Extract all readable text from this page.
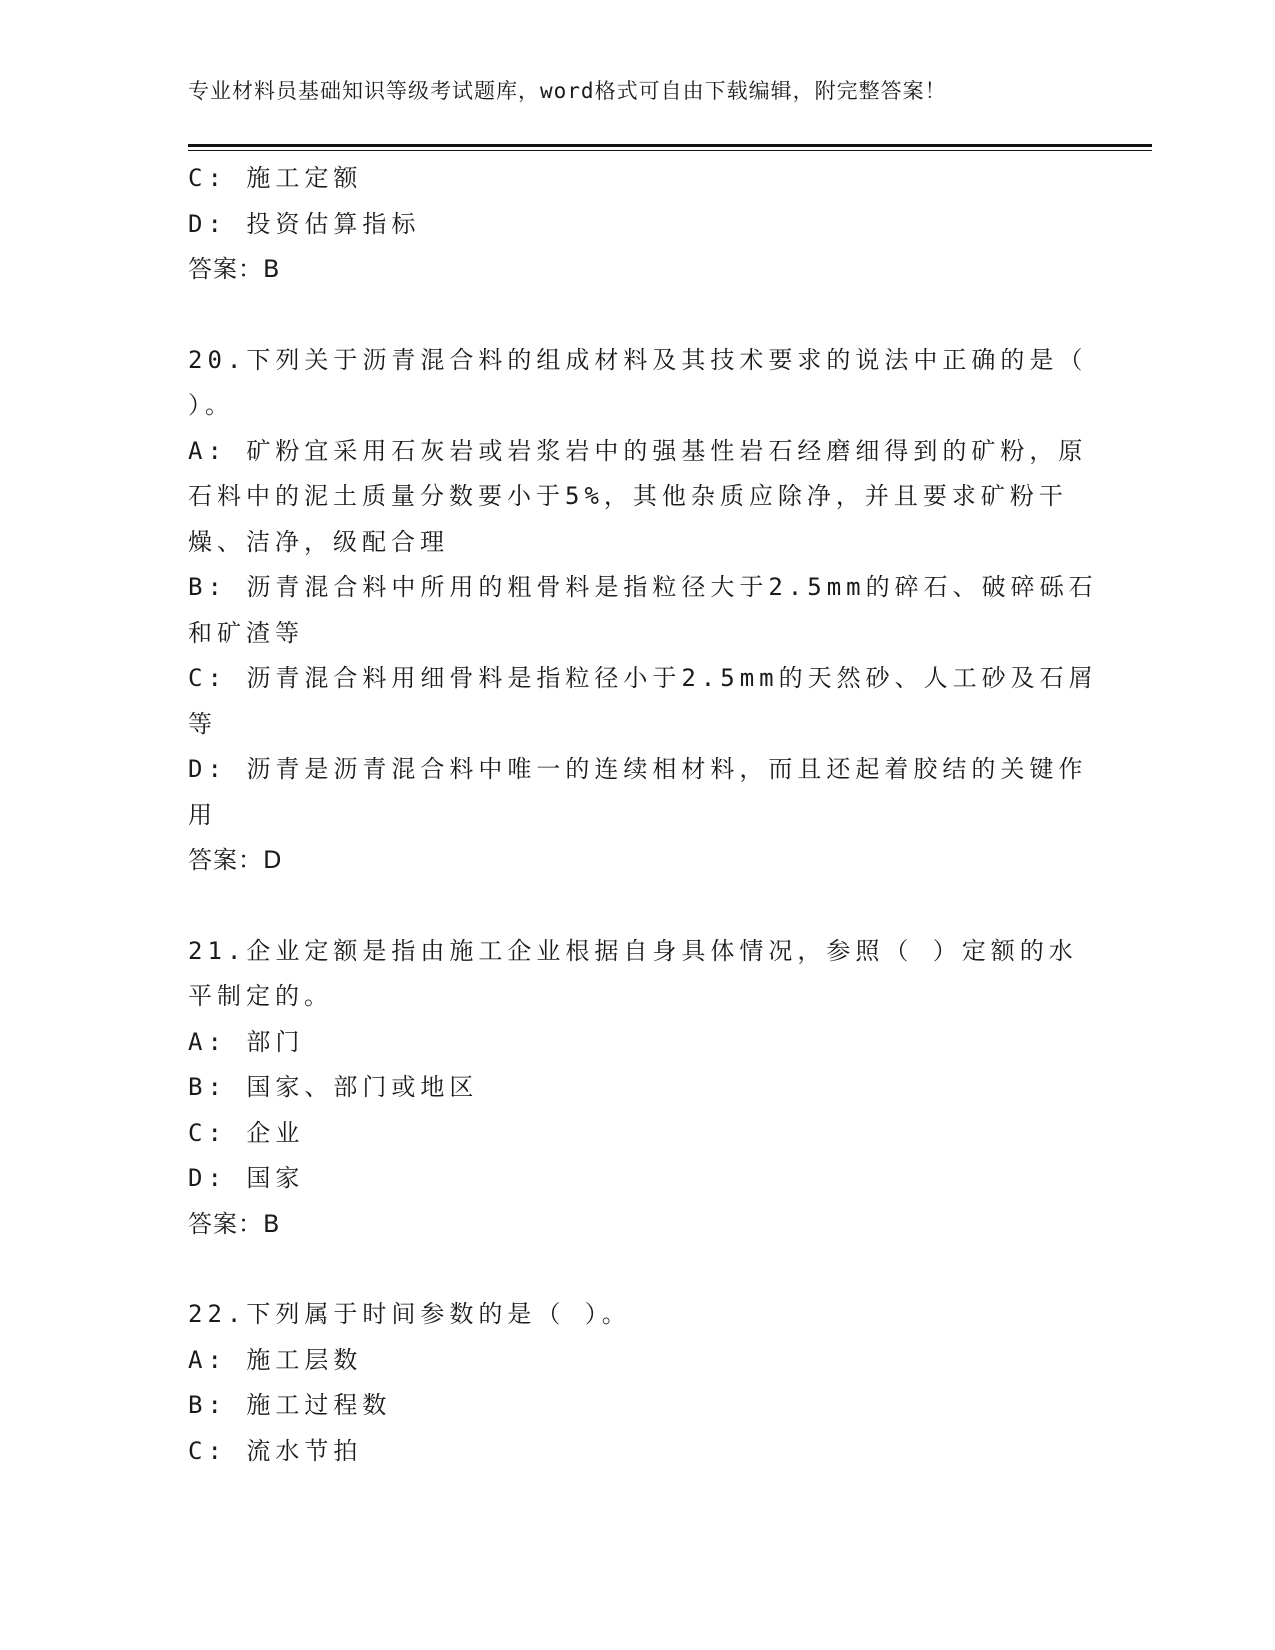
专业材料员基础知识等级考试题库，word格式可自由下载编辑，附完整答案！
C: 施工定额
D: 投资估算指标
答案：B
20.下列关于沥青混合料的组成材料及其技术要求的说法中正确的是（
）。
A: 矿粉宜采用石灰岩或岩浆岩中的强基性岩石经磨细得到的矿粉，原
石料中的泥土质量分数要小于5%，其他杂质应除净，并且要求矿粉干
燥、洁净，级配合理
B: 沥青混合料中所用的粗骨料是指粒径大于2.5mm的碎石、破碎砾石
和矿渣等
C: 沥青混合料用细骨料是指粒径小于2.5mm的天然砂、人工砂及石屑
等
D: 沥青是沥青混合料中唯一的连续相材料，而且还起着胶结的关键作
用
答案：D
21.企业定额是指由施工企业根据自身具体情况，参照（ ）定额的水
平制定的。
A: 部门
B: 国家、部门或地区
C: 企业
D: 国家
答案：B
22.下列属于时间参数的是（ ）。
A: 施工层数
B: 施工过程数
C: 流水节拍
